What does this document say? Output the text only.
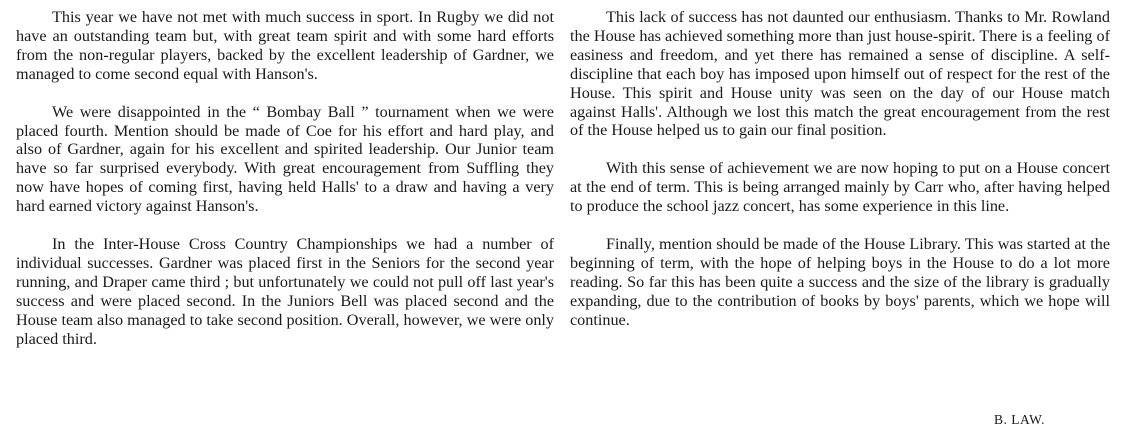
This year we have not met with much success in sport. In Rugby we did not have an outstanding team but, with great team spirit and with some hard efforts from the non-regular players, backed by the excellent leadership of Gardner, we managed to come second equal with Hanson's.

We were disappointed in the “ Bombay Ball ” tournament when we were placed fourth. Mention should be made of Coe for his effort and hard play, and also of Gardner, again for his excellent and spirited leadership. Our Junior team have so far surprised everybody. With great encouragement from Suffling they now have hopes of coming first, having held Halls' to a draw and having a very hard earned victory against Hanson's.

In the Inter-House Cross Country Championships we had a number of individual successes. Gardner was placed first in the Seniors for the second year running, and Draper came third ; but unfortunately we could not pull off last year's success and were placed second. In the Juniors Bell was placed second and the House team also managed to take second position. Overall, however, we were only placed third.

This lack of success has not daunted our enthusiasm. Thanks to Mr. Rowland the House has achieved something more than just house-spirit. There is a feeling of easiness and freedom, and yet there has remained a sense of discipline. A self-discipline that each boy has imposed upon himself out of respect for the rest of the House. This spirit and House unity was seen on the day of our House match against Halls'. Although we lost this match the great encouragement from the rest of the House helped us to gain our final position.

With this sense of achievement we are now hoping to put on a House concert at the end of term. This is being arranged mainly by Carr who, after having helped to produce the school jazz concert, has some experience in this line.

Finally, mention should be made of the House Library. This was started at the beginning of term, with the hope of helping boys in the House to do a lot more reading. So far this has been quite a success and the size of the library is gradually expanding, due to the contribution of books by boys' parents, which we hope will continue.

B. LAW.
